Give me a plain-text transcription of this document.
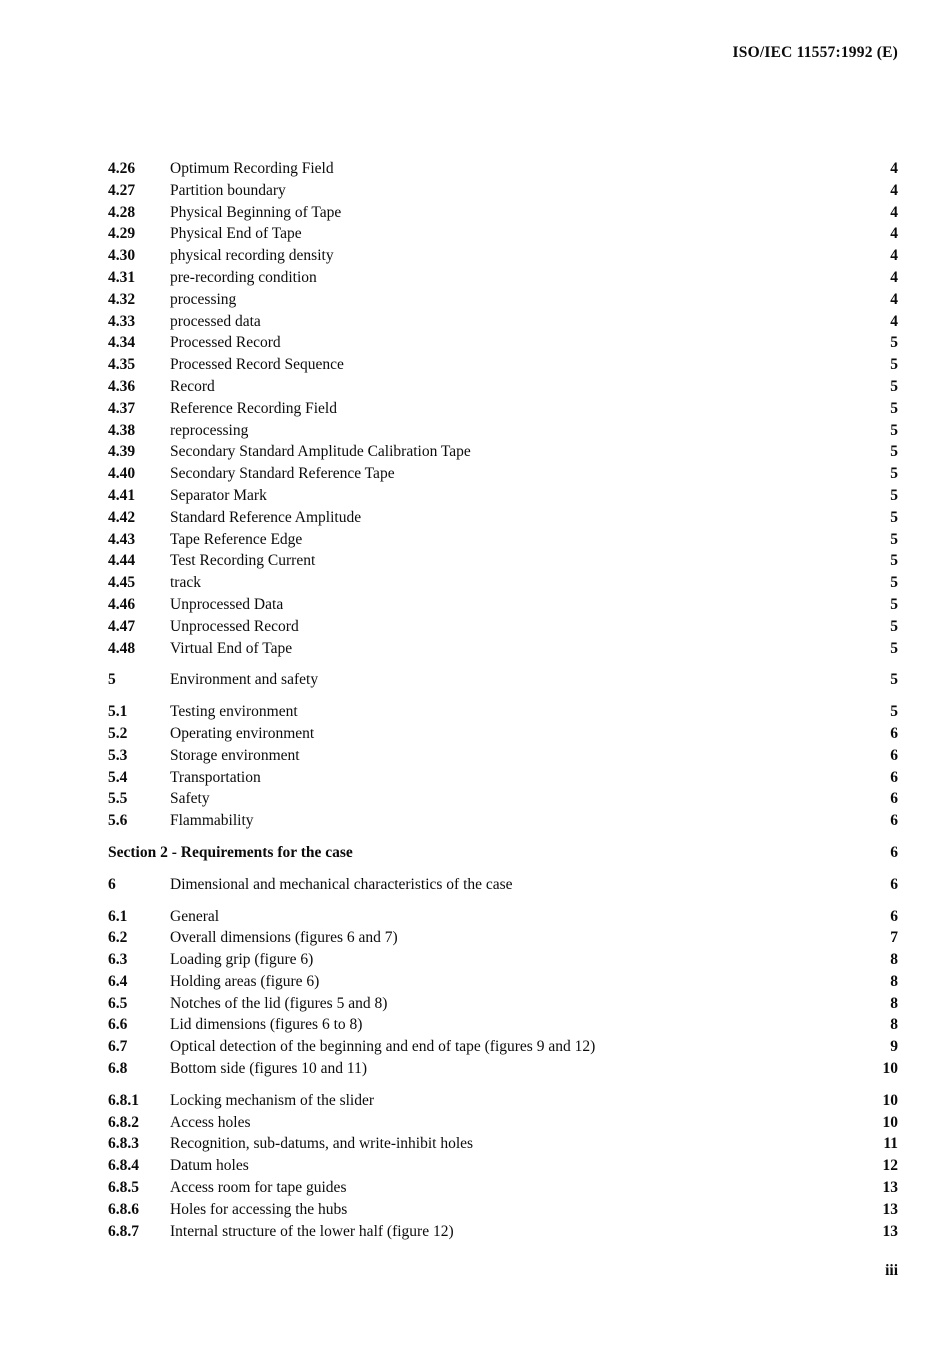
ISO/IEC 11557:1992 (E)
4.26	Optimum Recording Field	4
4.27	Partition boundary	4
4.28	Physical Beginning of Tape	4
4.29	Physical End of Tape	4
4.30	physical recording density	4
4.31	pre-recording condition	4
4.32	processing	4
4.33	processed data	4
4.34	Processed Record	5
4.35	Processed Record Sequence	5
4.36	Record	5
4.37	Reference Recording Field	5
4.38	reprocessing	5
4.39	Secondary Standard Amplitude Calibration Tape	5
4.40	Secondary Standard Reference Tape	5
4.41	Separator Mark	5
4.42	Standard Reference Amplitude	5
4.43	Tape Reference Edge	5
4.44	Test Recording Current	5
4.45	track	5
4.46	Unprocessed Data	5
4.47	Unprocessed Record	5
4.48	Virtual End of Tape	5
5	Environment and safety	5
5.1	Testing environment	5
5.2	Operating environment	6
5.3	Storage environment	6
5.4	Transportation	6
5.5	Safety	6
5.6	Flammability	6
Section 2 - Requirements for the case	6
6	Dimensional and mechanical characteristics of the case	6
6.1	General	6
6.2	Overall dimensions (figures 6 and 7)	7
6.3	Loading grip (figure 6)	8
6.4	Holding areas (figure 6)	8
6.5	Notches of the lid (figures 5 and 8)	8
6.6	Lid dimensions (figures 6 to 8)	8
6.7	Optical detection of the beginning and end of tape (figures 9 and 12)	9
6.8	Bottom side (figures 10 and 11)	10
6.8.1	Locking mechanism of the slider	10
6.8.2	Access holes	10
6.8.3	Recognition, sub-datums, and write-inhibit holes	11
6.8.4	Datum holes	12
6.8.5	Access room for tape guides	13
6.8.6	Holes for accessing the hubs	13
6.8.7	Internal structure of the lower half (figure 12)	13
iii
